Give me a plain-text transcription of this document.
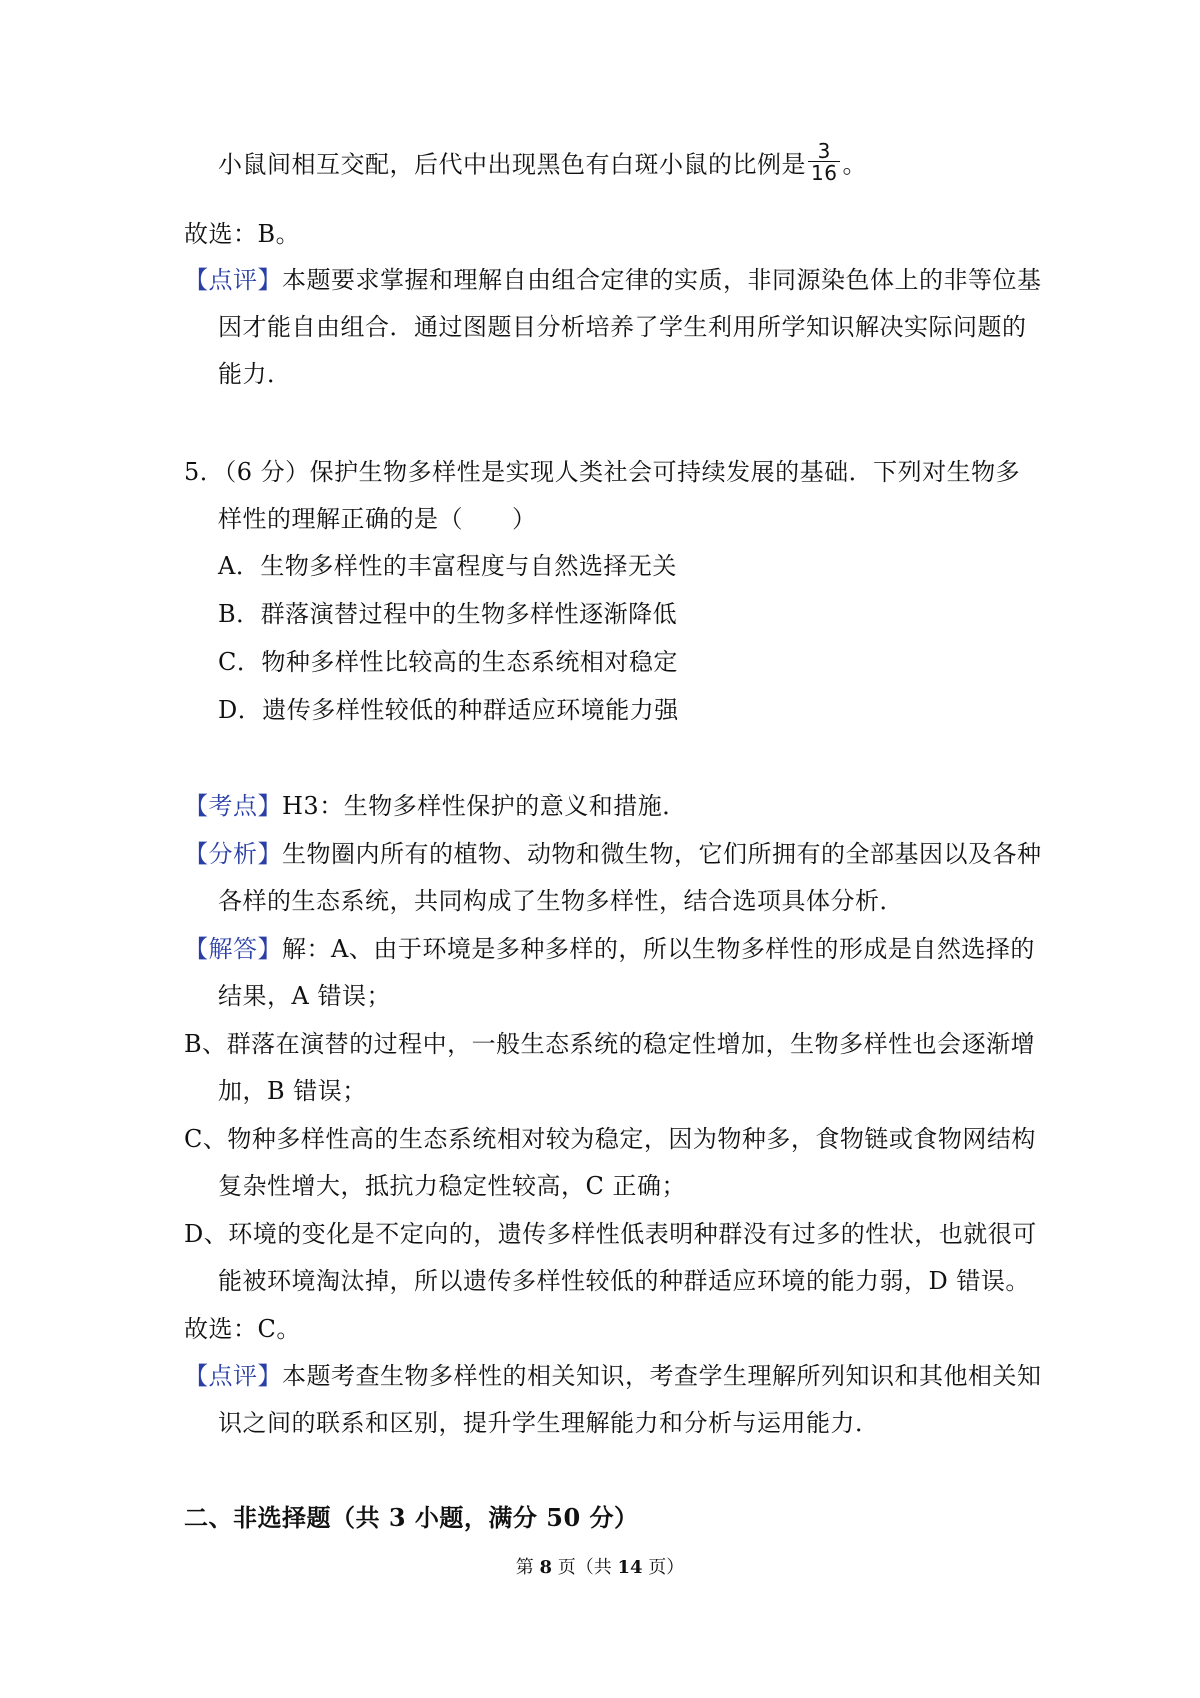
小鼠间相互交配，后代中出现黑色有白斑小鼠的比例是 $\frac{3}{16}$ 。
故选：B。
【点评】本题要求掌握和理解自由组合定律的实质，非同源染色体上的非等位基
因才能自由组合．通过图题目分析培养了学生利用所学知识解决实际问题的
能力．
5．（6 分）保护生物多样性是实现人类社会可持续发展的基础．下列对生物多
样性的理解正确的是（　　）
A．生物多样性的丰富程度与自然选择无关
B．群落演替过程中的生物多样性逐渐降低
C．物种多样性比较高的生态系统相对稳定
D．遗传多样性较低的种群适应环境能力强
【考点】H3：生物多样性保护的意义和措施．
【分析】生物圈内所有的植物、动物和微生物，它们所拥有的全部基因以及各种
各样的生态系统，共同构成了生物多样性，结合选项具体分析．
【解答】解：A、由于环境是多种多样的，所以生物多样性的形成是自然选择的
结果，A 错误；
B、群落在演替的过程中，一般生态系统的稳定性增加，生物多样性也会逐渐增
加，B 错误；
C、物种多样性高的生态系统相对较为稳定，因为物种多，食物链或食物网结构
复杂性增大，抵抗力稳定性较高，C 正确；
D、环境的变化是不定向的，遗传多样性低表明种群没有过多的性状，也就很可
能被环境淘汰掉，所以遗传多样性较低的种群适应环境的能力弱，D 错误。
故选：C。
【点评】本题考查生物多样性的相关知识，考查学生理解所列知识和其他相关知
识之间的联系和区别，提升学生理解能力和分析与运用能力．
二、非选择题（共 3 小题，满分 50 分）
第 8 页（共 14 页）
